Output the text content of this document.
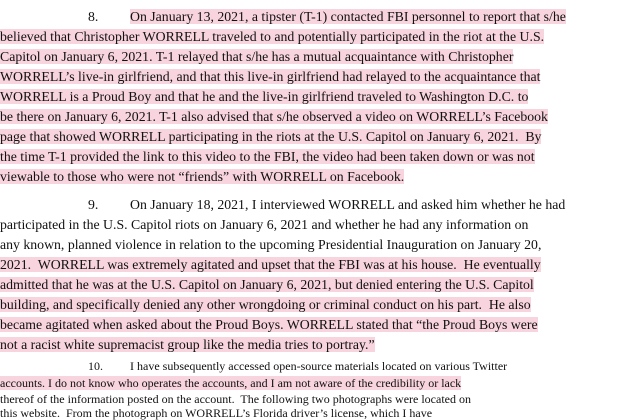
8. On January 13, 2021, a tipster (T-1) contacted FBI personnel to report that s/he
believed that Christopher WORRELL traveled to and potentially participated in the riot at the U.S.
Capitol on January 6, 2021. T-1 relayed that s/he has a mutual acquaintance with Christopher
WORRELL’s live-in girlfriend, and that this live-in girlfriend had relayed to the acquaintance that
WORRELL is a Proud Boy and that he and the live-in girlfriend traveled to Washington D.C. to
be there on January 6, 2021. T-1 also advised that s/he observed a video on WORRELL’s Facebook
page that showed WORRELL participating in the riots at the U.S. Capitol on January 6, 2021.  By
the time T-1 provided the link to this video to the FBI, the video had been taken down or was not
viewable to those who were not “friends” with WORRELL on Facebook.
9. On January 18, 2021, I interviewed WORRELL and asked him whether he had
participated in the U.S. Capitol riots on January 6, 2021 and whether he had any information on
any known, planned violence in relation to the upcoming Presidential Inauguration on January 20,
2021.  WORRELL was extremely agitated and upset that the FBI was at his house.  He eventually
admitted that he was at the U.S. Capitol on January 6, 2021, but denied entering the U.S. Capitol
building, and specifically denied any other wrongdoing or criminal conduct on his part.  He also
became agitated when asked about the Proud Boys. WORRELL stated that “the Proud Boys were
not a racist white supremacist group like the media tries to portray.”
10. I have subsequently accessed open-source materials located on various Twitter
accounts. I do not know who operates the accounts, and I am not aware of the credibility or lack
thereof of the information posted on the account.  The following two photographs were located on
this website.  From the photograph on WORRELL’s Florida driver’s license, which I have
